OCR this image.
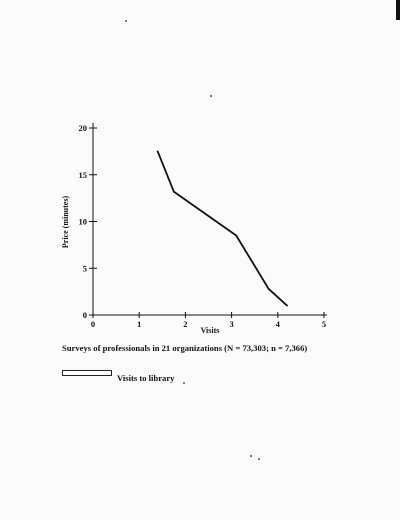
0
5
10
15
20
0	1	2	3	4	5
Price (minutes)
Visits
Surveys of professionals in 21 organizations (N = 73,303; n = 7,366)
Visits to library
